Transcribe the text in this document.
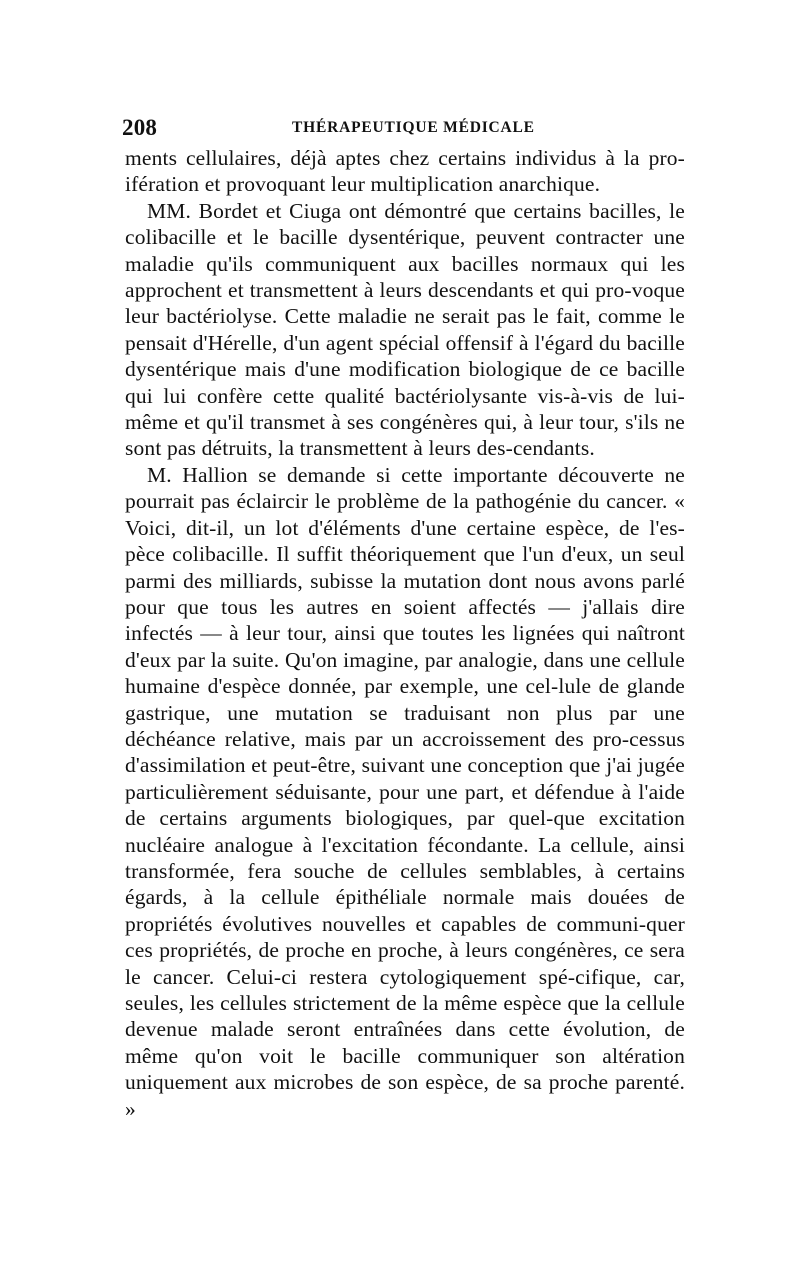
208	THÉRAPEUTIQUE MÉDICALE

ments cellulaires, déjà aptes chez certains individus à la pro-ifération et provoquant leur multiplication anarchique.

MM. Bordet et Ciuga ont démontré que certains bacilles, le colibacille et le bacille dysentérique, peuvent contracter une maladie qu'ils communiquent aux bacilles normaux qui les approchent et transmettent à leurs descendants et qui pro-voque leur bactériolyse. Cette maladie ne serait pas le fait, comme le pensait d'Hérelle, d'un agent spécial offensif à l'égard du bacille dysentérique mais d'une modification biologique de ce bacille qui lui confère cette qualité bactériolysante vis-à-vis de lui-même et qu'il transmet à ses congénères qui, à leur tour, s'ils ne sont pas détruits, la transmettent à leurs des-cendants.

M. Hallion se demande si cette importante découverte ne pourrait pas éclaircir le problème de la pathogénie du cancer. « Voici, dit-il, un lot d'éléments d'une certaine espèce, de l'es-pèce colibacille. Il suffit théoriquement que l'un d'eux, un seul parmi des milliards, subisse la mutation dont nous avons parlé pour que tous les autres en soient affectés — j'allais dire infectés — à leur tour, ainsi que toutes les lignées qui naîtront d'eux par la suite. Qu'on imagine, par analogie, dans une cellule humaine d'espèce donnée, par exemple, une cel-lule de glande gastrique, une mutation se traduisant non plus par une déchéance relative, mais par un accroissement des pro-cessus d'assimilation et peut-être, suivant une conception que j'ai jugée particulièrement séduisante, pour une part, et défendue à l'aide de certains arguments biologiques, par quel-que excitation nucléaire analogue à l'excitation fécondante. La cellule, ainsi transformée, fera souche de cellules semblables, à certains égards, à la cellule épithéliale normale mais douées de propriétés évolutives nouvelles et capables de communi-quer ces propriétés, de proche en proche, à leurs congénères, ce sera le cancer. Celui-ci restera cytologiquement spé-cifique, car, seules, les cellules strictement de la même espèce que la cellule devenue malade seront entraînées dans cette évolution, de même qu'on voit le bacille communiquer son altération uniquement aux microbes de son espèce, de sa proche parenté. »
